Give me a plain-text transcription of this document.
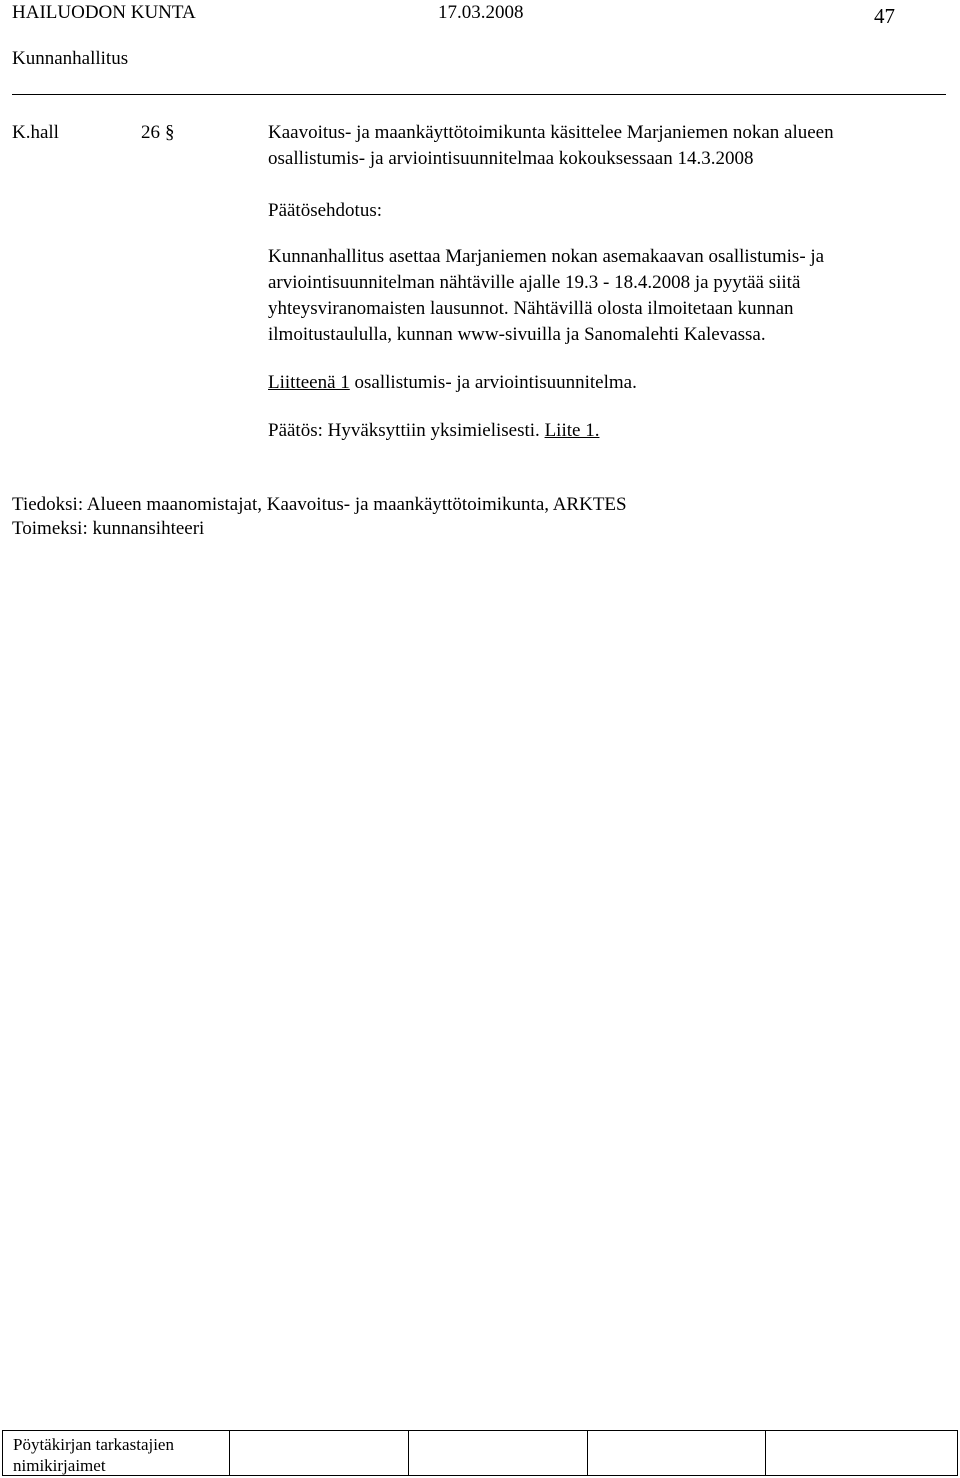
HAILUODON KUNTA	17.03.2008	47
Kunnanhallitus
K.hall	26 §	Kaavoitus- ja maankäyttötoimikunta käsittelee Marjaniemen nokan alueen
osallistumis- ja arviointisuunnitelmaa kokouksessaan 14.3.2008
Päätösehdotus:
Kunnanhallitus asettaa Marjaniemen nokan asemakaavan osallistumis- ja
arviointisuunnitelman nähtäville ajalle 19.3 - 18.4.2008 ja pyytää siitä
yhteysviranomaisten lausunnot. Nähtävillä olosta ilmoitetaan kunnan
ilmoitustaululla, kunnan www-sivuilla ja Sanomalehti Kalevassa.
Liitteenä 1 osallistumis- ja arviointisuunnitelma.
Päätös: Hyväksyttiin yksimielisesti. Liite 1.
Tiedoksi: Alueen maanomistajat, Kaavoitus- ja maankäyttötoimikunta, ARKTES
Toimeksi: kunnansihteeri
Pöytäkirjan tarkastajien
nimikirjaimet
